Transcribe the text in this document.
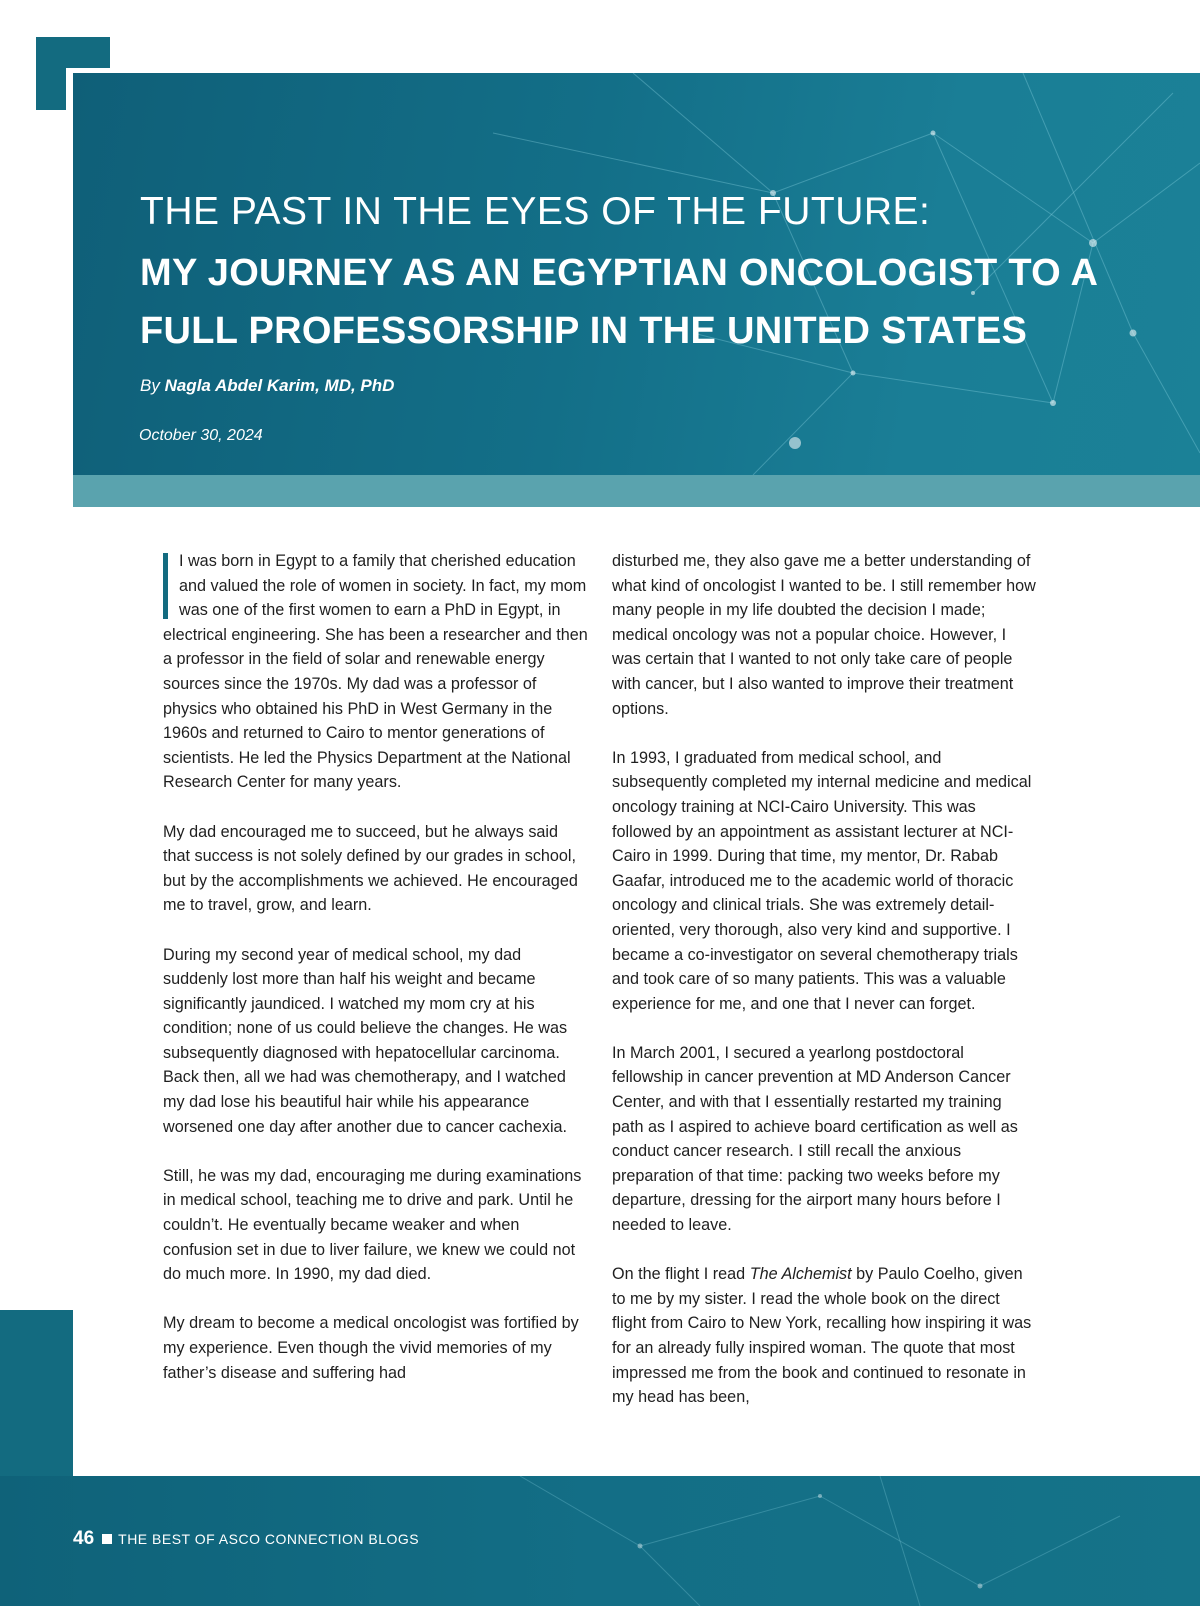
THE PAST IN THE EYES OF THE FUTURE:
MY JOURNEY AS AN EGYPTIAN ONCOLOGIST TO A FULL PROFESSORSHIP IN THE UNITED STATES
By Nagla Abdel Karim, MD, PhD
October 30, 2024

I was born in Egypt to a family that cherished education and valued the role of women in society. In fact, my mom was one of the first women to earn a PhD in Egypt, in electrical engineering. She has been a researcher and then a professor in the field of solar and renewable energy sources since the 1970s. My dad was a professor of physics who obtained his PhD in West Germany in the 1960s and returned to Cairo to mentor generations of scientists. He led the Physics Department at the National Research Center for many years.

My dad encouraged me to succeed, but he always said that success is not solely defined by our grades in school, but by the accomplishments we achieved. He encouraged me to travel, grow, and learn.

During my second year of medical school, my dad suddenly lost more than half his weight and became significantly jaundiced. I watched my mom cry at his condition; none of us could believe the changes. He was subsequently diagnosed with hepatocellular carcinoma. Back then, all we had was chemotherapy, and I watched my dad lose his beautiful hair while his appearance worsened one day after another due to cancer cachexia.

Still, he was my dad, encouraging me during examinations in medical school, teaching me to drive and park. Until he couldn’t. He eventually became weaker and when confusion set in due to liver failure, we knew we could not do much more. In 1990, my dad died.

My dream to become a medical oncologist was fortified by my experience. Even though the vivid memories of my father’s disease and suffering had

disturbed me, they also gave me a better understanding of what kind of oncologist I wanted to be. I still remember how many people in my life doubted the decision I made; medical oncology was not a popular choice. However, I was certain that I wanted to not only take care of people with cancer, but I also wanted to improve their treatment options.

In 1993, I graduated from medical school, and subsequently completed my internal medicine and medical oncology training at NCI-Cairo University. This was followed by an appointment as assistant lecturer at NCI-Cairo in 1999. During that time, my mentor, Dr. Rabab Gaafar, introduced me to the academic world of thoracic oncology and clinical trials. She was extremely detail-oriented, very thorough, also very kind and supportive. I became a co-investigator on several chemotherapy trials and took care of so many patients. This was a valuable experience for me, and one that I never can forget.

In March 2001, I secured a yearlong postdoctoral fellowship in cancer prevention at MD Anderson Cancer Center, and with that I essentially restarted my training path as I aspired to achieve board certification as well as conduct cancer research. I still recall the anxious preparation of that time: packing two weeks before my departure, dressing for the airport many hours before I needed to leave.

On the flight I read The Alchemist by Paulo Coelho, given to me by my sister. I read the whole book on the direct flight from Cairo to New York, recalling how inspiring it was for an already fully inspired woman. The quote that most impressed me from the book and continued to resonate in my head has been,

46 THE BEST OF ASCO CONNECTION BLOGS
